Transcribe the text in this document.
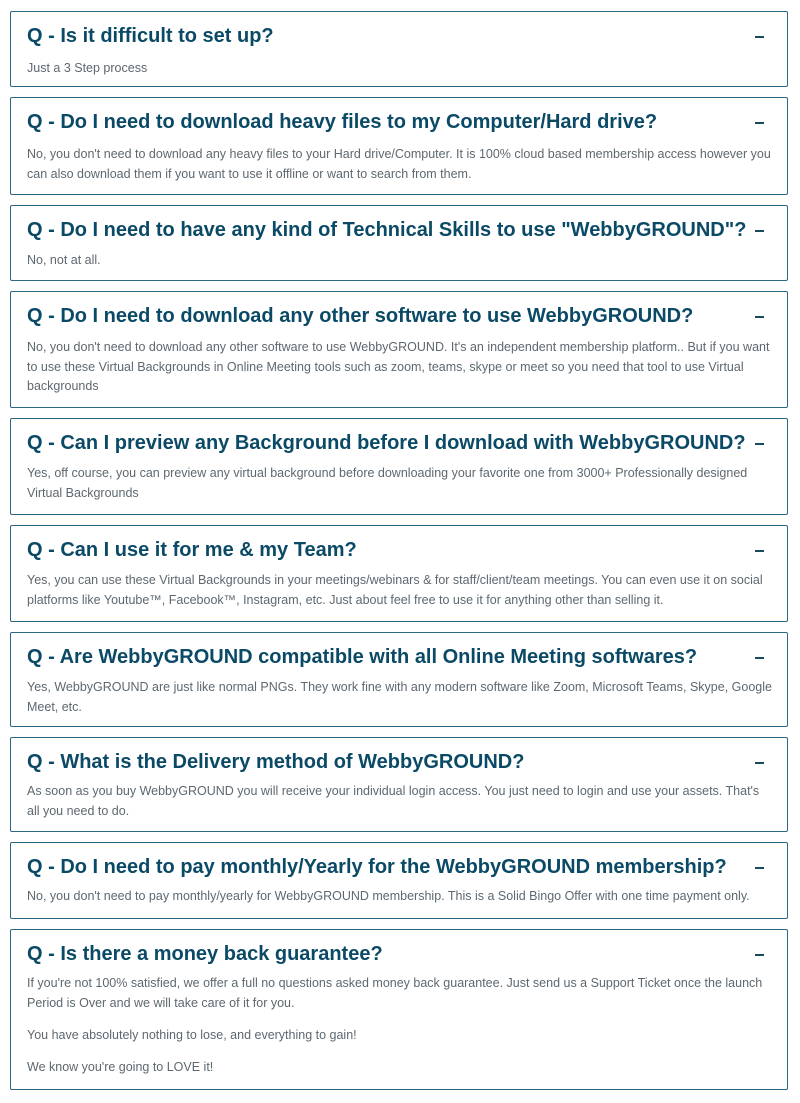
Q - Is it difficult to set up?

Just a 3 Step process

Q - Do I need to download heavy files to my Computer/Hard drive?

No, you don't need to download any heavy files to your Hard drive/Computer. It is 100% cloud based membership access however you can also download them if you want to use it offline or want to search from them.

Q - Do I need to have any kind of Technical Skills to use "WebbyGROUND"?

No, not at all.

Q - Do I need to download any other software to use WebbyGROUND?

No, you don't need to download any other software to use WebbyGROUND. It's an independent membership platform.. But if you want to use these Virtual Backgrounds in Online Meeting tools such as zoom, teams, skype or meet so you need that tool to use Virtual backgrounds

Q - Can I preview any Background before I download with WebbyGROUND?

Yes, off course, you can preview any virtual background before downloading your favorite one from 3000+ Professionally designed Virtual Backgrounds

Q - Can I use it for me & my Team?

Yes, you can use these Virtual Backgrounds in your meetings/webinars & for staff/client/team meetings. You can even use it on social platforms like Youtube™, Facebook™, Instagram, etc. Just about feel free to use it for anything other than selling it.

Q - Are WebbyGROUND compatible with all Online Meeting softwares?

Yes, WebbyGROUND are just like normal PNGs. They work fine with any modern software like Zoom, Microsoft Teams, Skype, Google Meet, etc.

Q - What is the Delivery method of WebbyGROUND?

As soon as you buy WebbyGROUND you will receive your individual login access. You just need to login and use your assets. That's all you need to do.

Q - Do I need to pay monthly/Yearly for the WebbyGROUND membership?

No, you don't need to pay monthly/yearly for WebbyGROUND membership. This is a Solid Bingo Offer with one time payment only.

Q - Is there a money back guarantee?

If you're not 100% satisfied, we offer a full no questions asked money back guarantee. Just send us a Support Ticket once the launch Period is Over and we will take care of it for you.

You have absolutely nothing to lose, and everything to gain!

We know you're going to LOVE it!
